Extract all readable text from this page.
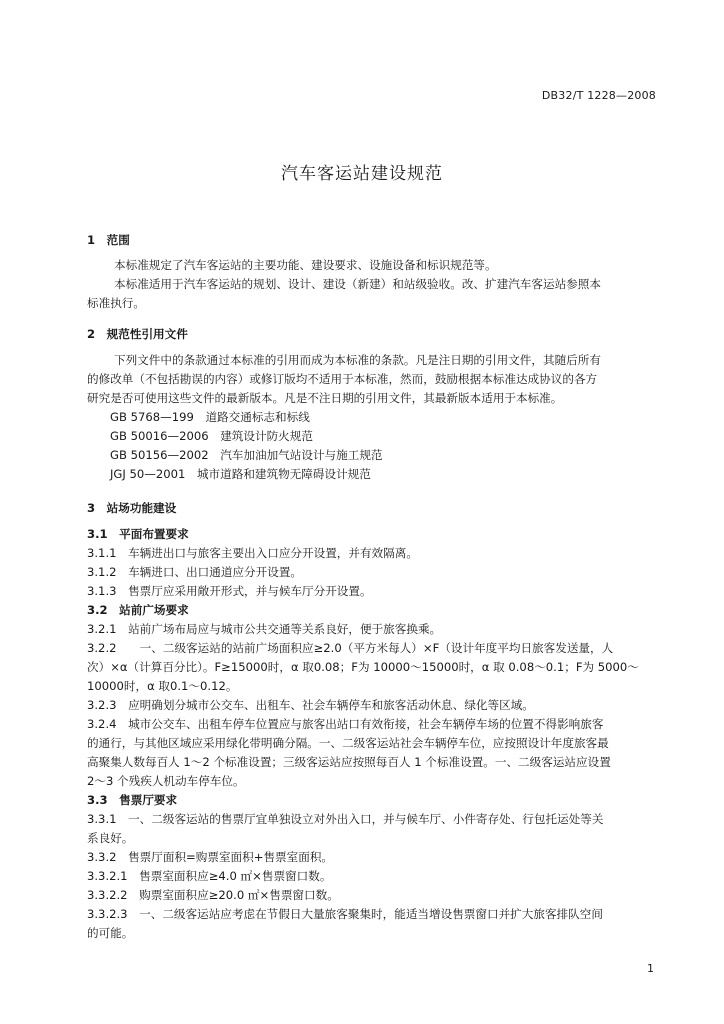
DB32/T 1228—2008
汽车客运站建设规范
1　范围
本标准规定了汽车客运站的主要功能、建设要求、设施设备和标识规范等。
本标准适用于汽车客运站的规划、设计、建设（新建）和站级验收。改、扩建汽车客运站参照本
标准执行。
2　规范性引用文件
下列文件中的条款通过本标准的引用而成为本标准的条款。凡是注日期的引用文件，其随后所有
的修改单（不包括勘误的内容）或修订版均不适用于本标准，然而，鼓励根据本标准达成协议的各方
研究是否可使用这些文件的最新版本。凡是不注日期的引用文件，其最新版本适用于本标准。
GB 5768—199　道路交通标志和标线
GB 50016—2006　建筑设计防火规范
GB 50156—2002　汽车加油加气站设计与施工规范
JGJ 50—2001　城市道路和建筑物无障碍设计规范
3　站场功能建设
3.1　平面布置要求
3.1.1　车辆进出口与旅客主要出入口应分开设置，并有效隔离。
3.1.2　车辆进口、出口通道应分开设置。
3.1.3　售票厅应采用敞开形式，并与候车厅分开设置。
3.2　站前广场要求
3.2.1　站前广场布局应与城市公共交通等关系良好，便于旅客换乘。
3.2.2　　一、二级客运站的站前广场面积应≥2.0（平方米每人）×F（设计年度平均日旅客发送量，人
次）×α（计算百分比）。F≥15000时，α 取0.08；F为 10000～15000时，α 取 0.08～0.1；F为 5000～
10000时，α 取0.1～0.12。
3.2.3　应明确划分城市公交车、出租车、社会车辆停车和旅客活动休息、绿化等区域。
3.2.4　城市公交车、出租车停车位置应与旅客出站口有效衔接，社会车辆停车场的位置不得影响旅客
的通行，与其他区域应采用绿化带明确分隔。一、二级客运站社会车辆停车位，应按照设计年度旅客最
高聚集人数每百人 1～2 个标准设置；三级客运站应按照每百人 1 个标准设置。一、二级客运站应设置
2～3 个残疾人机动车停车位。
3.3　售票厅要求
3.3.1　一、二级客运站的售票厅宜单独设立对外出入口，并与候车厅、小件寄存处、行包托运处等关
系良好。
3.3.2　售票厅面积=购票室面积+售票室面积。
3.3.2.1　售票室面积应≥4.0 ㎡×售票窗口数。
3.3.2.2　购票室面积应≥20.0 ㎡×售票窗口数。
3.3.2.3　一、二级客运站应考虑在节假日大量旅客聚集时，能适当增设售票窗口并扩大旅客排队空间
的可能。
1
